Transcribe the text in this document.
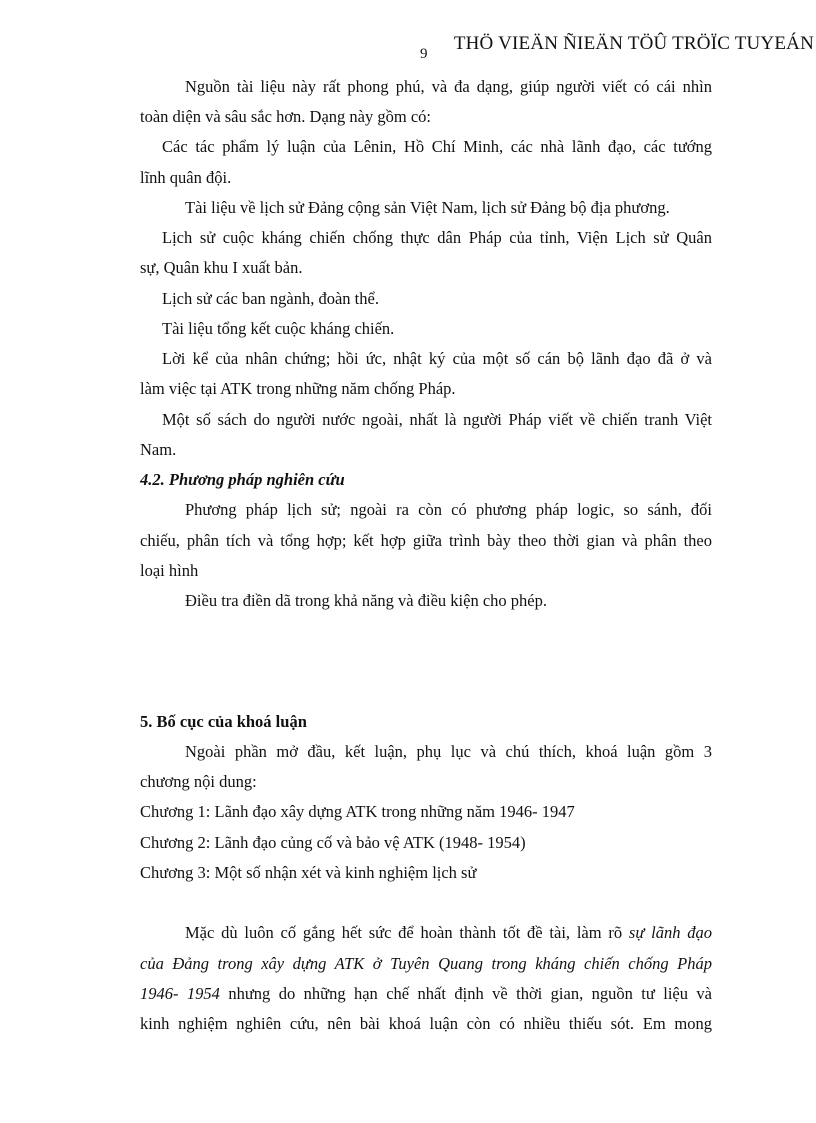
THÖ VIEÄN ÑIEÄN TÖÛ TRÖÏC TUYEÁN
9
Nguồn tài liệu này rất phong phú, và đa dạng, giúp người viết có cái nhìn
toàn diện và sâu sắc hơn. Dạng này gồm có:
Các tác phẩm lý luận của Lênin, Hồ Chí Minh, các nhà lãnh đạo, các tướng
lĩnh quân đội.
Tài liệu về lịch sử Đảng cộng sản Việt Nam, lịch sử Đảng bộ địa phương.
Lịch sử cuộc kháng chiến chống thực dân Pháp của tỉnh, Viện Lịch sử Quân
sự, Quân khu I xuất bản.
Lịch sử các ban ngành, đoàn thể.
Tài liệu tổng kết cuộc kháng chiến.
Lời kể của nhân chứng; hồi ức, nhật ký của một số cán bộ lãnh đạo đã ở và
làm việc tại ATK trong những năm chống Pháp.
Một số sách do người nước ngoài, nhất là người Pháp viết về chiến tranh Việt
Nam.
4.2. Phương pháp nghiên cứu
Phương pháp lịch sử; ngoài ra còn có phương pháp logic, so sánh, đối
chiếu, phân tích và tổng hợp; kết hợp giữa trình bày theo thời gian và phân theo
loại hình
Điều tra điền dã trong khả năng và điều kiện cho phép.
5. Bố cục của khoá luận
Ngoài phần mở đầu, kết luận, phụ lục và chú thích, khoá luận gồm 3
chương nội dung:
Chương 1: Lãnh đạo xây dựng ATK trong những năm 1946- 1947
Chương 2: Lãnh đạo củng cố và bảo vệ ATK (1948- 1954)
Chương 3: Một số nhận xét và kinh nghiệm lịch sử
Mặc dù luôn cố gắng hết sức để hoàn thành tốt đề tài, làm rõ sự lãnh đạo
của Đảng trong xây dựng ATK ở Tuyên Quang trong kháng chiến chống Pháp
1946- 1954 nhưng do những hạn chế nhất định về thời gian, nguồn tư liệu và
kinh nghiệm nghiên cứu, nên bài khoá luận còn có nhiều thiếu sót. Em mong
